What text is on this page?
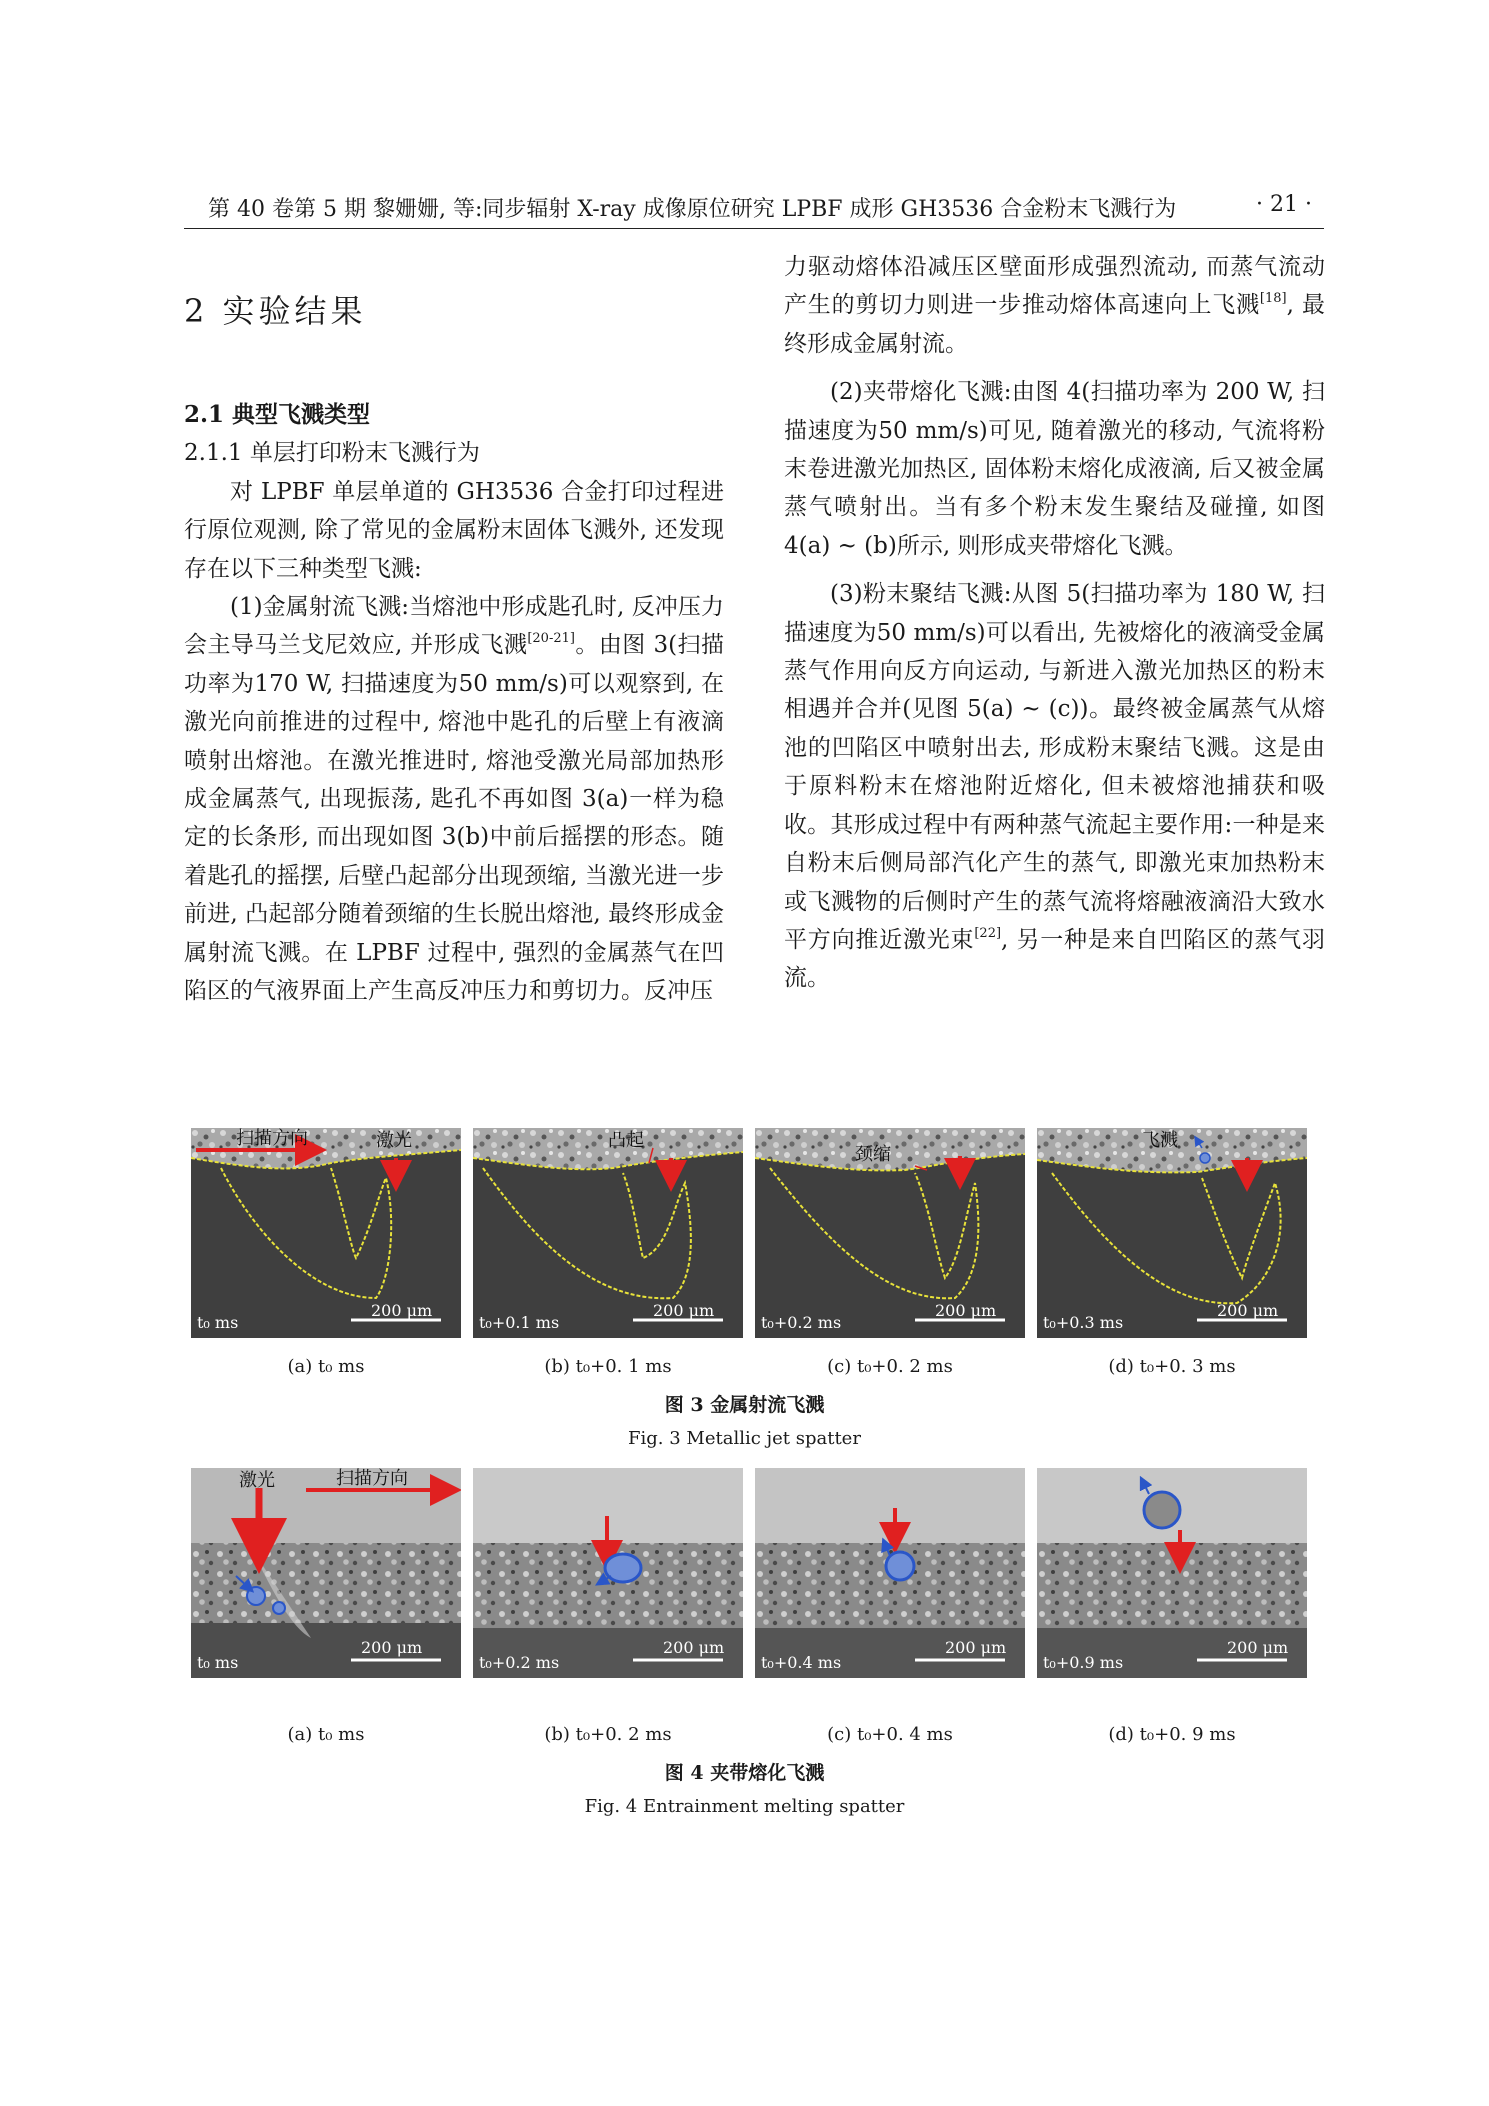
第 40 卷第 5 期 黎姗姗, 等:同步辐射 X-ray 成像原位研究 LPBF 成形 GH3536 合金粉末飞溅行为	· 21 ·
2 实验结果
2.1 典型飞溅类型
2.1.1 单层打印粉末飞溅行为

对 LPBF 单层单道的 GH3536 合金打印过程进行原位观测, 除了常见的金属粉末固体飞溅外, 还发现存在以下三种类型飞溅:

(1)金属射流飞溅:当熔池中形成匙孔时, 反冲压力会主导马兰戈尼效应, 并形成飞溅[20-21]。由图 3(扫描功率为170 W, 扫描速度为50 mm/s)可以观察到, 在激光向前推进的过程中, 熔池中匙孔的后壁上有液滴喷射出熔池。在激光推进时, 熔池受激光局部加热形成金属蒸气, 出现振荡, 匙孔不再如图 3(a)一样为稳定的长条形, 而出现如图 3(b)中前后摇摆的形态。随着匙孔的摇摆, 后壁凸起部分出现颈缩, 当激光进一步前进, 凸起部分随着颈缩的生长脱出熔池, 最终形成金属射流飞溅。在 LPBF 过程中, 强烈的金属蒸气在凹陷区的气液界面上产生高反冲压力和剪切力。反冲压

力驱动熔体沿减压区壁面形成强烈流动, 而蒸气流动产生的剪切力则进一步推动熔体高速向上飞溅[18], 最终形成金属射流。

(2)夹带熔化飞溅:由图 4(扫描功率为 200 W, 扫描速度为50 mm/s)可见, 随着激光的移动, 气流将粉末卷进激光加热区, 固体粉末熔化成液滴, 后又被金属蒸气喷射出。当有多个粉末发生聚结及碰撞, 如图 4(a) ~ (b)所示, 则形成夹带熔化飞溅。

(3)粉末聚结飞溅:从图 5(扫描功率为 180 W, 扫描速度为50 mm/s)可以看出, 先被熔化的液滴受金属蒸气作用向反方向运动, 与新进入激光加热区的粉末相遇并合并(见图 5(a) ~ (c))。最终被金属蒸气从熔池的凹陷区中喷射出去, 形成粉末聚结飞溅。这是由于原料粉末在熔池附近熔化, 但未被熔池捕获和吸收。其形成过程中有两种蒸气流起主要作用:一种是来自粉末后侧局部汽化产生的蒸气, 即激光束加热粉末或飞溅物的后侧时产生的蒸气流将熔融液滴沿大致水平方向推近激光束[22], 另一种是来自凹陷区的蒸气羽流。

扫描方向	激光
200 μm
t₀ ms
凸起
200 μm
t₀+0.1 ms
颈缩
200 μm
t₀+0.2 ms
飞溅
200 μm
t₀+0.3 ms
(a) t₀ ms	(b) t₀+0. 1 ms	(c) t₀+0. 2 ms	(d) t₀+0. 3 ms
图 3 金属射流飞溅
Fig. 3 Metallic jet spatter
激光	扫描方向
200 μm
t₀ ms
200 μm
t₀+0.2 ms
200 μm
t₀+0.4 ms
200 μm
t₀+0.9 ms
(a) t₀ ms	(b) t₀+0. 2 ms	(c) t₀+0. 4 ms	(d) t₀+0. 9 ms
图 4 夹带熔化飞溅
Fig. 4 Entrainment melting spatter
